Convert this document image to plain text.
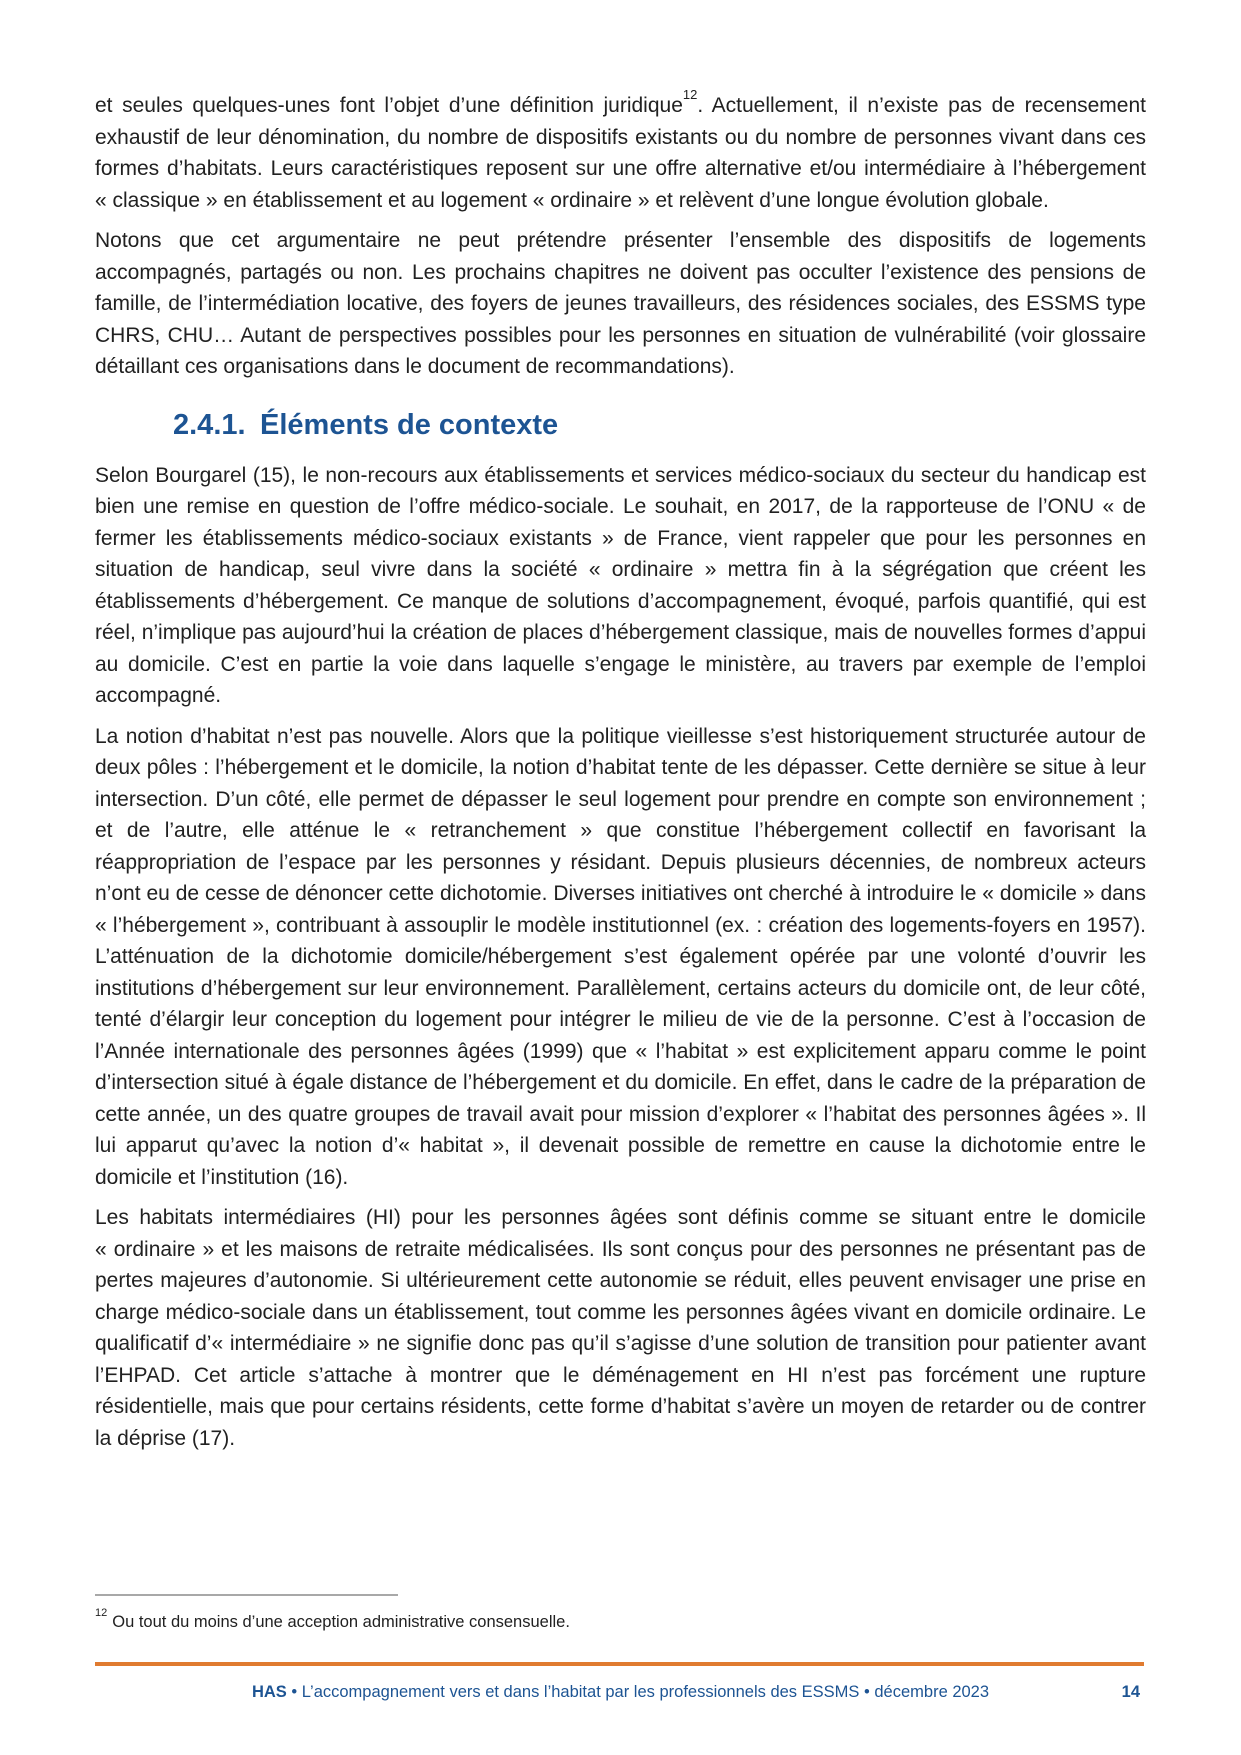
et seules quelques-unes font l’objet d’une définition juridique$^{12}$. Actuellement, il n’existe pas de recensement exhaustif de leur dénomination, du nombre de dispositifs existants ou du nombre de personnes vivant dans ces formes d’habitats. Leurs caractéristiques reposent sur une offre alternative et/ou intermédiaire à l’hébergement « classique » en établissement et au logement « ordinaire » et relèvent d’une longue évolution globale.

Notons que cet argumentaire ne peut prétendre présenter l’ensemble des dispositifs de logements accompagnés, partagés ou non. Les prochains chapitres ne doivent pas occulter l’existence des pensions de famille, de l’intermédiation locative, des foyers de jeunes travailleurs, des résidences sociales, des ESSMS type CHRS, CHU… Autant de perspectives possibles pour les personnes en situation de vulnérabilité (voir glossaire détaillant ces organisations dans le document de recommandations).

2.4.1. Éléments de contexte

Selon Bourgarel (15), le non-recours aux établissements et services médico-sociaux du secteur du handicap est bien une remise en question de l’offre médico-sociale. Le souhait, en 2017, de la rapporteuse de l’ONU « de fermer les établissements médico-sociaux existants » de France, vient rappeler que pour les personnes en situation de handicap, seul vivre dans la société « ordinaire » mettra fin à la ségrégation que créent les établissements d’hébergement. Ce manque de solutions d’accompagnement, évoqué, parfois quantifié, qui est réel, n’implique pas aujourd’hui la création de places d’hébergement classique, mais de nouvelles formes d’appui au domicile. C’est en partie la voie dans laquelle s’engage le ministère, au travers par exemple de l’emploi accompagné.

La notion d’habitat n’est pas nouvelle. Alors que la politique vieillesse s’est historiquement structurée autour de deux pôles : l’hébergement et le domicile, la notion d’habitat tente de les dépasser. Cette dernière se situe à leur intersection. D’un côté, elle permet de dépasser le seul logement pour prendre en compte son environnement ; et de l’autre, elle atténue le « retranchement » que constitue l’hébergement collectif en favorisant la réappropriation de l’espace par les personnes y résidant. Depuis plusieurs décennies, de nombreux acteurs n’ont eu de cesse de dénoncer cette dichotomie. Diverses initiatives ont cherché à introduire le « domicile » dans « l’hébergement », contribuant à assouplir le modèle institutionnel (ex. : création des logements-foyers en 1957). L’atténuation de la dichotomie domicile/hébergement s’est également opérée par une volonté d’ouvrir les institutions d’hébergement sur leur environnement. Parallèlement, certains acteurs du domicile ont, de leur côté, tenté d’élargir leur conception du logement pour intégrer le milieu de vie de la personne. C’est à l’occasion de l’Année internationale des personnes âgées (1999) que « l’habitat » est explicitement apparu comme le point d’intersection situé à égale distance de l’hébergement et du domicile. En effet, dans le cadre de la préparation de cette année, un des quatre groupes de travail avait pour mission d’explorer « l’habitat des personnes âgées ». Il lui apparut qu’avec la notion d’« habitat », il devenait possible de remettre en cause la dichotomie entre le domicile et l’institution (16).

Les habitats intermédiaires (HI) pour les personnes âgées sont définis comme se situant entre le domicile « ordinaire » et les maisons de retraite médicalisées. Ils sont conçus pour des personnes ne présentant pas de pertes majeures d’autonomie. Si ultérieurement cette autonomie se réduit, elles peuvent envisager une prise en charge médico-sociale dans un établissement, tout comme les personnes âgées vivant en domicile ordinaire. Le qualificatif d’« intermédiaire » ne signifie donc pas qu’il s’agisse d’une solution de transition pour patienter avant l’EHPAD. Cet article s’attache à montrer que le déménagement en HI n’est pas forcément une rupture résidentielle, mais que pour certains résidents, cette forme d’habitat s’avère un moyen de retarder ou de contrer la déprise (17).

$^{12}$Ou tout du moins d’une acception administrative consensuelle.

HAS • L’accompagnement vers et dans l’habitat par les professionnels des ESSMS • décembre 2023	14
